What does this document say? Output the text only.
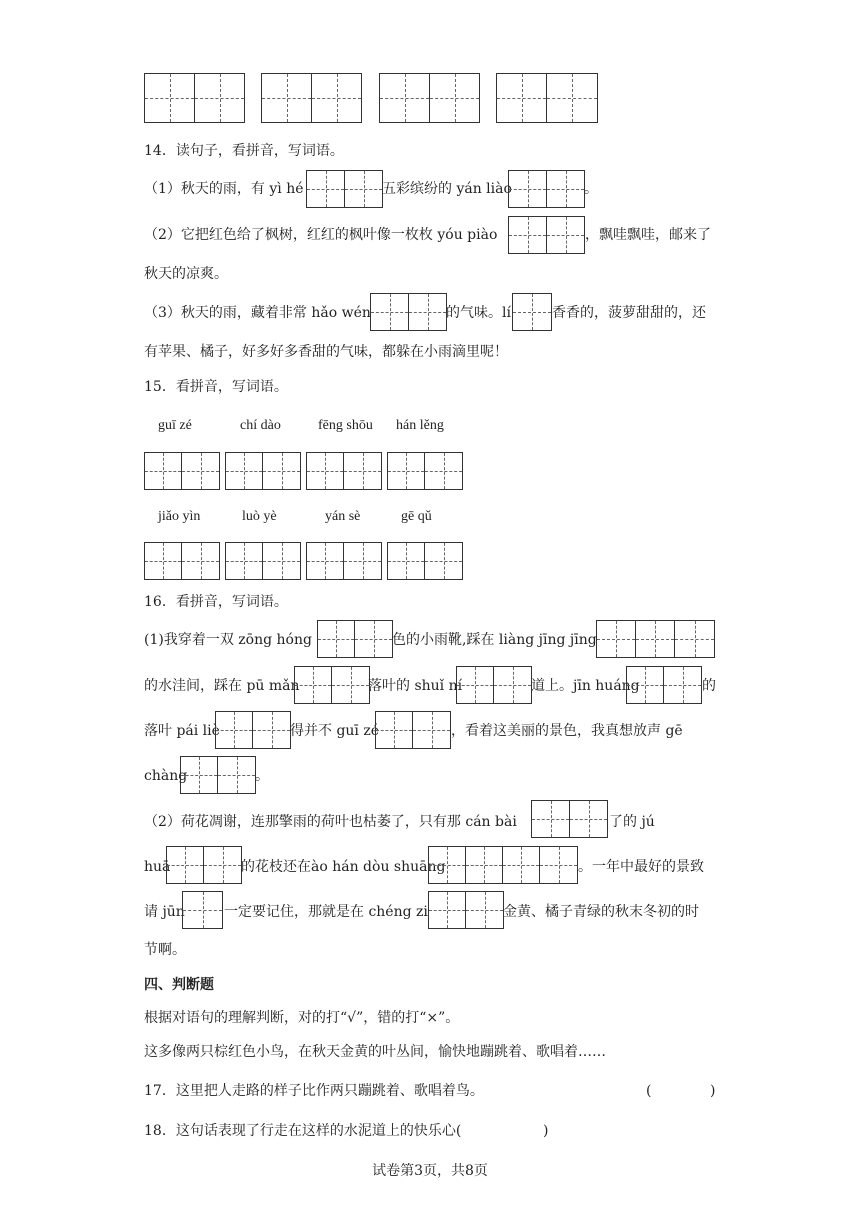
14．读句子，看拼音，写词语。
（1）秋天的雨，有 yì hé	五彩缤纷的 yán liào	。
（2）它把红色给了枫树，红红的枫叶像一枚枚 yóu piào	，飘哇飘哇，邮来了
秋天的凉爽。
（3）秋天的雨，藏着非常 hǎo wén	的气味。lí	香香的，菠萝甜甜的，还
有苹果、橘子，好多好多香甜的气味，都躲在小雨滴里呢！
15．看拼音，写词语。
guī zé	chí dào	fēng shōu hán lěng
jiǎo yìn	luò yè	yán sè	gē qǔ
16．看拼音，写词语。
(1)我穿着一双 zōng hóng	色的小雨靴,踩在 liàng jīng jīng
的水洼间，踩在 pū mǎn	落叶的 shuǐ ní	道上。jīn huáng	的
落叶 pái liè	得并不 guī zé	，看着这美丽的景色，我真想放声 gē
chàng	。
（2）荷花凋谢，连那擎雨的荷叶也枯萎了，只有那 cán bài	了的 jú
huā	的花枝还在ào hán dòu shuāng	。一年中最好的景致
请 jūn	一定要记住，那就是在 chéng zi	金黄、橘子青绿的秋末冬初的时
节啊。
四、判断题
根据对语句的理解判断，对的打“√”，错的打“×”。
这多像两只棕红色小鸟，在秋天金黄的叶丛间，愉快地蹦跳着、歌唱着……
17．这里把人走路的样子比作两只蹦跳着、歌唱着鸟。	(	)
18．这句话表现了行走在这样的水泥道上的快乐心(	)
试卷第3页，共8页
